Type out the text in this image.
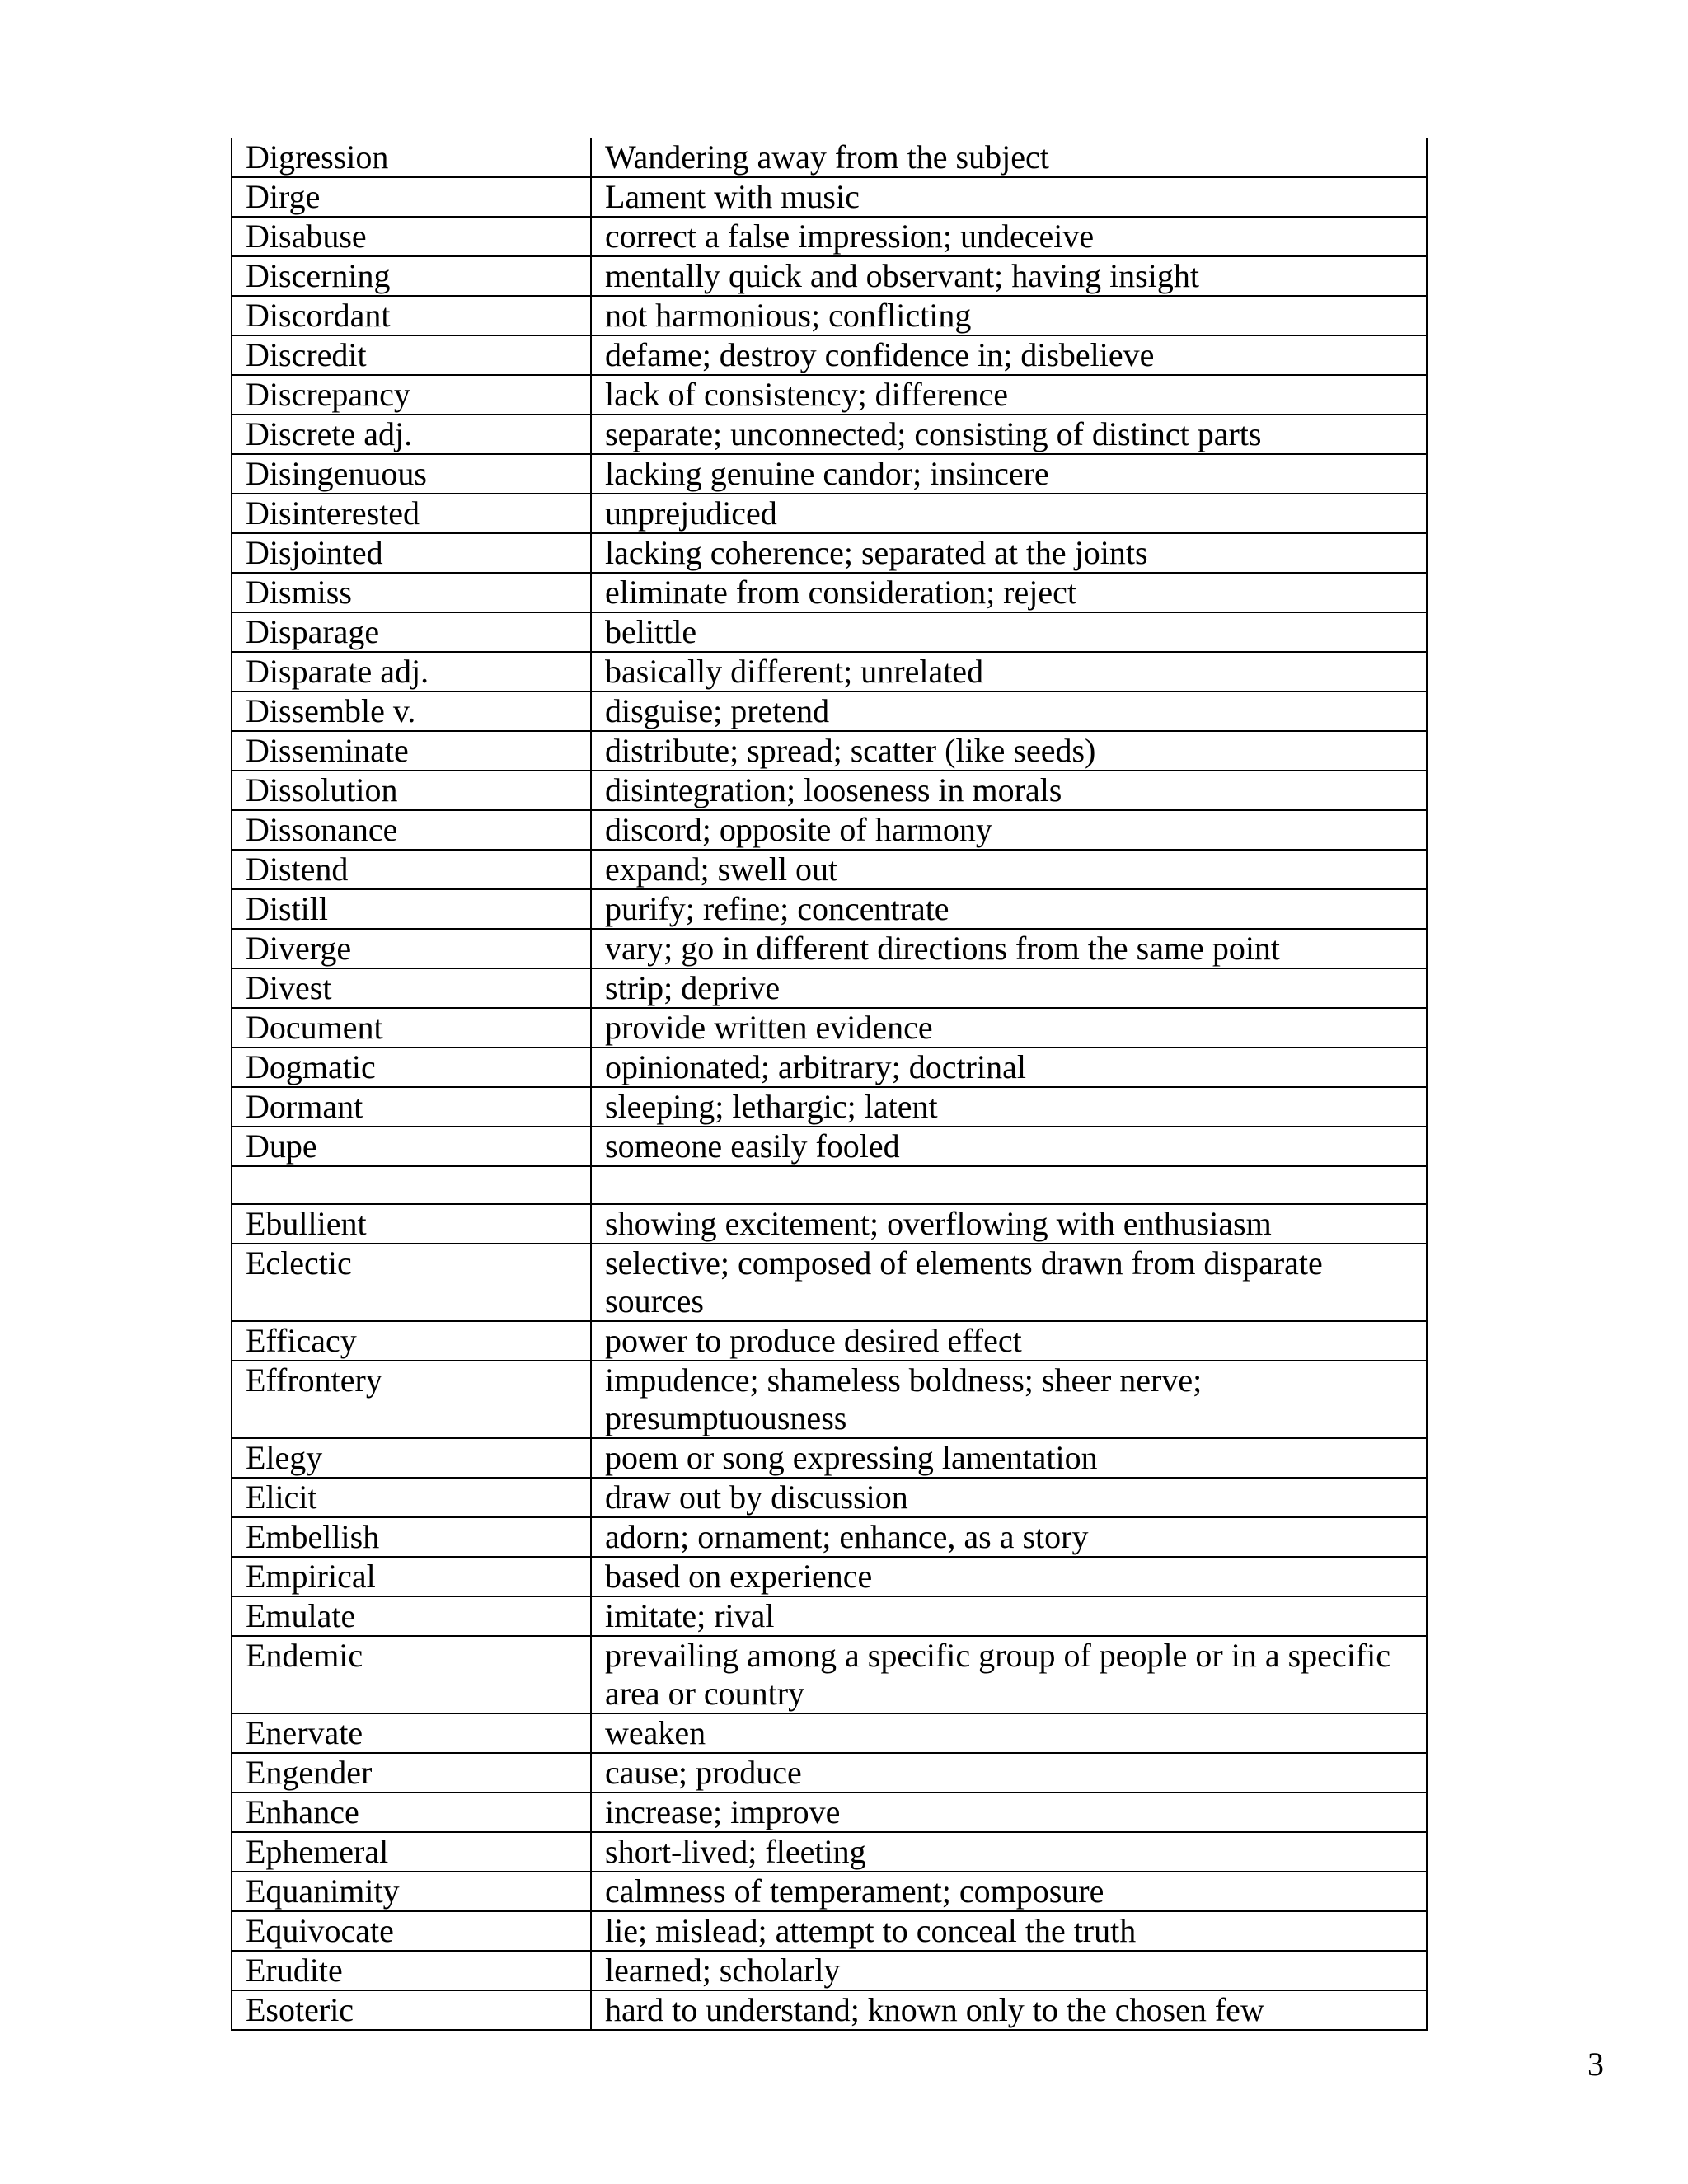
Digression	Wandering away from the subject
Dirge	Lament with music
Disabuse	correct a false impression; undeceive
Discerning	mentally quick and observant; having insight
Discordant	not harmonious; conflicting
Discredit	defame; destroy confidence in; disbelieve
Discrepancy	lack of consistency; difference
Discrete adj.	separate; unconnected; consisting of distinct parts
Disingenuous	lacking genuine candor; insincere
Disinterested	unprejudiced
Disjointed	lacking coherence; separated at the joints
Dismiss	eliminate from consideration; reject
Disparage	belittle
Disparate adj.	basically different; unrelated
Dissemble v.	disguise; pretend
Disseminate	distribute; spread; scatter (like seeds)
Dissolution	disintegration; looseness in morals
Dissonance	discord; opposite of harmony
Distend	expand; swell out
Distill	purify; refine; concentrate
Diverge	vary; go in different directions from the same point
Divest	strip; deprive
Document	provide written evidence
Dogmatic	opinionated; arbitrary; doctrinal
Dormant	sleeping; lethargic; latent
Dupe	someone easily fooled

Ebullient	showing excitement; overflowing with enthusiasm
Eclectic	selective; composed of elements drawn from disparate sources
Efficacy	power to produce desired effect
Effrontery	impudence; shameless boldness; sheer nerve; presumptuousness
Elegy	poem or song expressing lamentation
Elicit	draw out by discussion
Embellish	adorn; ornament; enhance, as a story
Empirical	based on experience
Emulate	imitate; rival
Endemic	prevailing among a specific group of people or in a specific area or country
Enervate	weaken
Engender	cause; produce
Enhance	increase; improve
Ephemeral	short-lived; fleeting
Equanimity	calmness of temperament; composure
Equivocate	lie; mislead; attempt to conceal the truth
Erudite	learned; scholarly
Esoteric	hard to understand; known only to the chosen few
3
